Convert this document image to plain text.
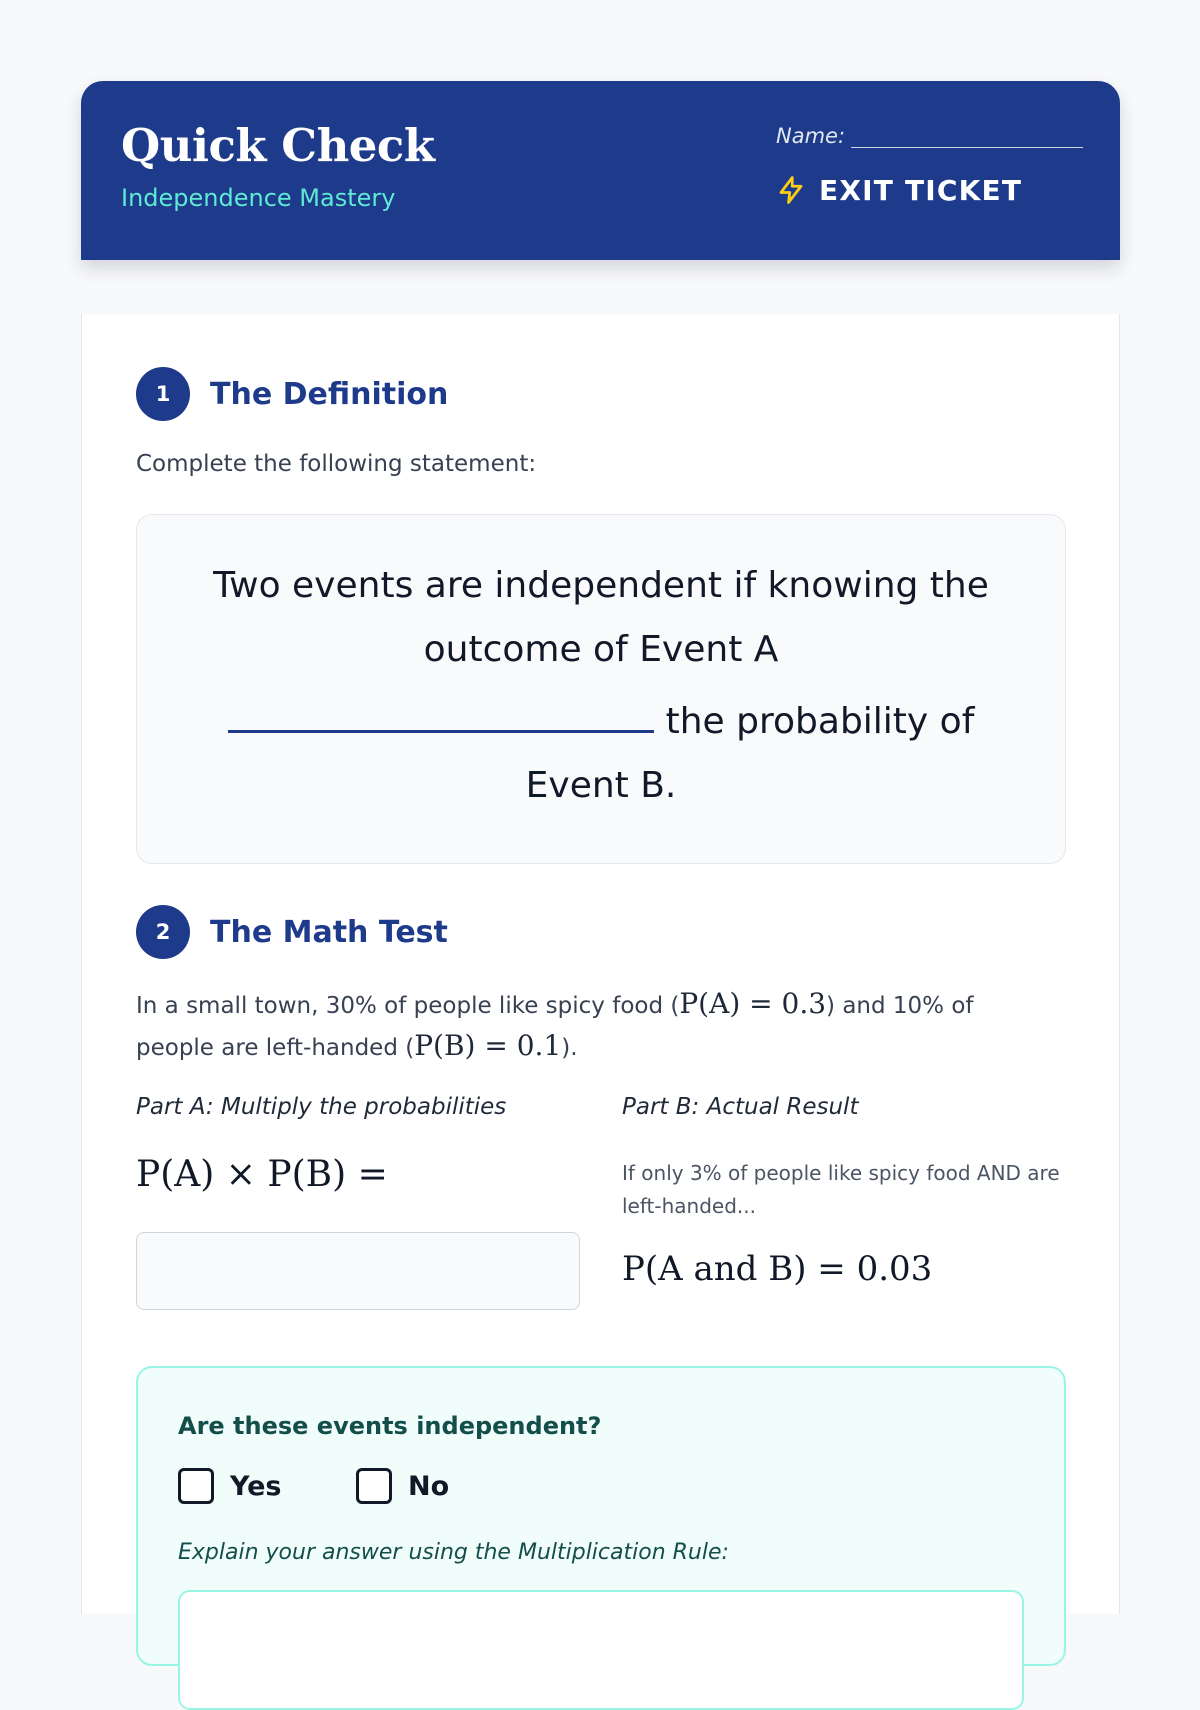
Quick Check
Independence Mastery
Name:
EXIT TICKET
1	The Definition
Complete the following statement:
Two events are independent if knowing the
outcome of Event A
the probability of
Event B.
2	The Math Test
In a small town, 30% of people like spicy food (P(A) = 0.3) and 10% of people are left-handed (P(B) = 0.1).
Part A: Multiply the probabilities	Part B: Actual Result
P(A) × P(B) =	If only 3% of people like spicy food AND are left-handed...
P(A and B) = 0.03
Are these events independent?
Yes	No
Explain your answer using the Multiplication Rule:
